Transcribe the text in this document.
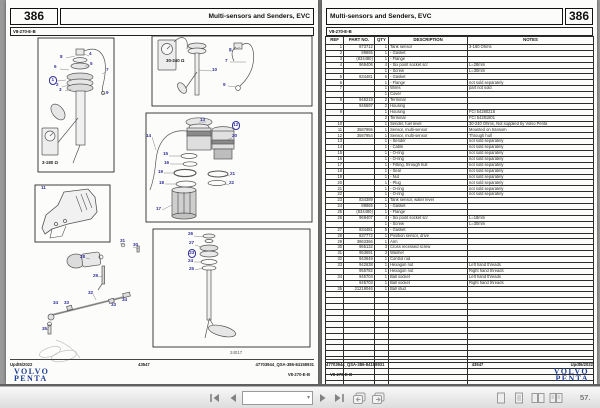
386	Multi-sensors and Senders, EVC
V8-270-E-B
8
4
5
6
7
1
2
3
9
8
7
10
9
13
12
14	20
15
16
19	21
18	22
17
26
27
23
24
25
11
31
30
28
29
32
34 33	33
34
35
3-180 Ω
30-240 Ω
24017
Updt6/2022	43547	47703944_QSA-386-84158931
VOLVO
PENTA	V8-270-E-B
Multi-sensors and Senders, EVC	386
V8-270-E-B
REF	PART NO.	QTY	DESCRIPTION	NOTES
1	873712	1	Tank sensor	3-180 Ohms
2	89865	1	- Gasket	
3	(834480)	1	- Flange	
4	969406	4	- Six point socket scr	L=28mm
		1	- Screw	L=30mm
5	834481	6	- Gasket	
6		1	- Flange	not sold separately
7		1	Wires	part not sold
		1	Cover	
8	945219	2	Terminal	
	946597	2	Housing	
9		1	Housing	FCI 54280218
		2	Terminal	FCI 54281801
10		1	Sender, fuel level	30-240 Ohms, Not supplied by Volvo Penta
11	3587955	1	Sensor, multi-sensor	Mounted on transom
12	3587954	1	Sensor, multi-sensor	Through hull
13		1	- Sender	not sold separately
14		1	- Cable	not sold separately
15		1	- O-ring	not sold separately
16		1	- O-ring	not sold separately
17		1	- Fitting, through hull	not sold separately
18		1	- Seal	not sold separately
19		1	- Nut	not sold separately
20		1	- Plug	not sold separately
21		1	- O-ring	not sold separately
22		1	- O-ring	not sold separately
23	834389	1	Tank sensor, water level	
24	89865	1	- Gasket	
25	(834480)	1	- Flange	
26	969407	4	- Six point socket scr	L=18mm
		1	- Screw	L=30mm
27	834481	5	- Gasket	
28	837772	1	Position sensor, drive	
29	3863366	1	Arm	
30	965132	3	Cross recessed screw	
31	953691	3	Washer	
32	943649	1	Control rod	
33	942638	1	Hexagon nut	Left hand threads
	955782	1	Hexagon nut	Right hand threads
34	945704	1	Ball socket	Left hand threads
	945703	1	Ball socket	Right hand threads
35	21219046	1	Ball stud	

47703944_QSA-386-84158931	43547	Updt6/2022
V8-270-E-B	VOLVO
PENTA
▾	57.
